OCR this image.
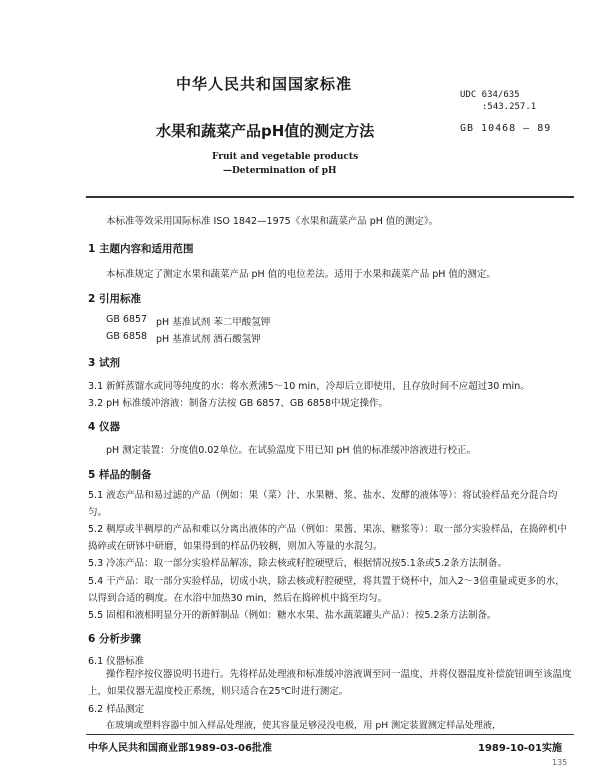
中华人民共和国国家标准
UDC 634/635
:543.257.1
水果和蔬菜产品pH值的测定方法	GB 10468 — 89
Fruit and vegetable products
—Determination of pH
本标准等效采用国际标准 ISO 1842—1975《水果和蔬菜产品 pH 值的测定》。
1 主题内容和适用范围
本标准规定了测定水果和蔬菜产品 pH 值的电位差法。适用于水果和蔬菜产品 pH 值的测定。
2 引用标准
GB 6857 pH 基准试剂 苯二甲酸氢钾
GB 6858 pH 基准试剂 酒石酸氢钾
3 试剂
3.1 新鲜蒸馏水或同等纯度的水：将水煮沸5～10 min，冷却后立即使用，且存放时间不应超过30 min。
3.2 pH 标准缓冲溶液：制备方法按 GB 6857、GB 6858中规定操作。
4 仪器
pH 测定装置：分度值0.02单位。在试验温度下用已知 pH 值的标准缓冲溶液进行校正。
5 样品的制备
5.1 液态产品和易过滤的产品（例如：果（菜）汁、水果糖、浆、盐水、发酵的液体等）：将试验样品充分混合均匀。
5.2 稠厚或半稠厚的产品和难以分离出液体的产品（例如：果酱、果冻、糖浆等）：取一部分实验样品，在捣碎机中捣碎或在研钵中研磨，如果得到的样品仍较稠，则加入等量的水混匀。
5.3 冷冻产品：取一部分实验样品解冻，除去核或籽腔硬壁后，根据情况按5.1条或5.2条方法制备。
5.4 干产品：取一部分实验样品，切成小块，除去核或籽腔硬壁，将其置于烧杯中，加入2～3倍重量或更多的水，以得到合适的稠度。在水浴中加热30 min，然后在捣碎机中捣至均匀。
5.5 固相和液相明显分开的新鲜制品（例如：糖水水果、盐水蔬菜罐头产品）：按5.2条方法制备。
6 分析步骤
6.1 仪器标准
操作程序按仪器说明书进行。先将样品处理液和标准缓冲溶液调至同一温度，并将仪器温度补偿旋钮调至该温度上，如果仪器无温度校正系统，则只适合在25℃时进行测定。
6.2 样品测定
在玻璃或塑料容器中加入样品处理液，使其容量足够浸没电极，用 pH 测定装置测定样品处理液，
中华人民共和国商业部1989-03-06批准	1989-10-01实施
135
